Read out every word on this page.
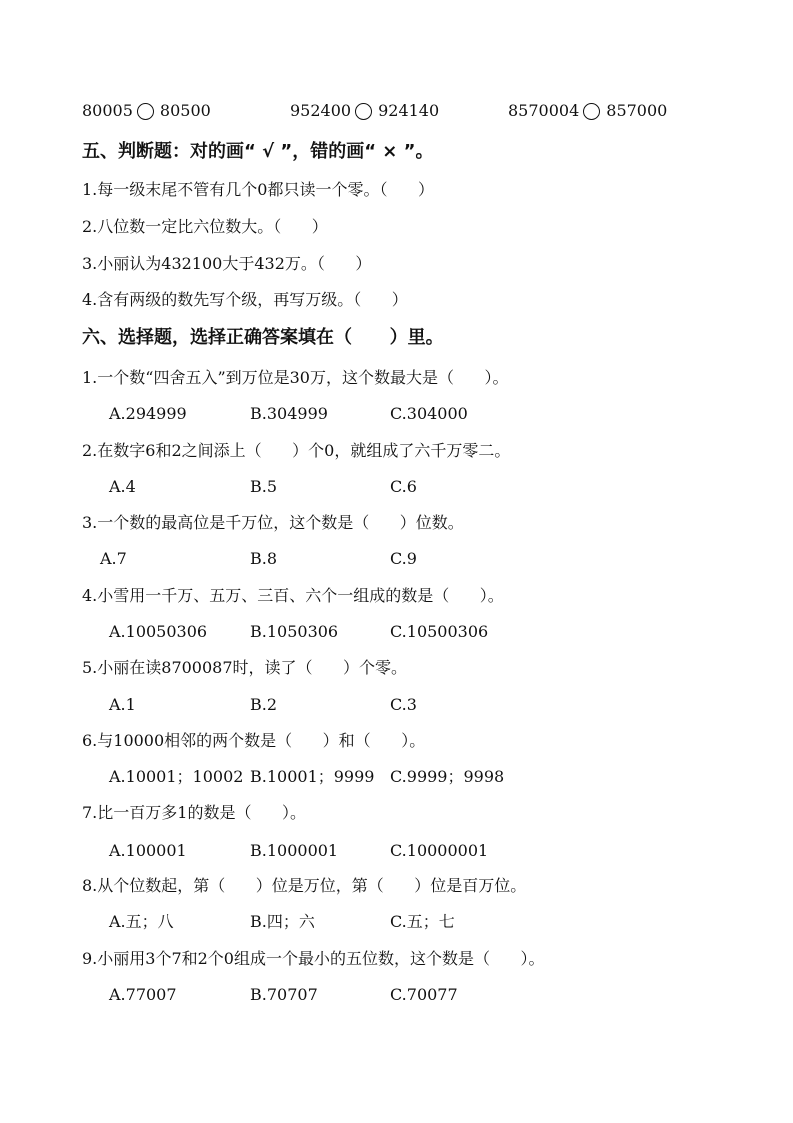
80005 80500	952400 924140	8570004 857000
五、判断题：对的画“ √ ”，错的画“ × ”。
1.每一级末尾不管有几个0都只读一个零。（      ）
2.八位数一定比六位数大。（      ）
3.小丽认为432100大于432万。（      ）
4.含有两级的数先写个级，再写万级。（      ）
六、选择题，选择正确答案填在（      ）里。
1.一个数“四舍五入”到万位是30万，这个数最大是（      ）。
A.294999	B.304999	C.304000
2.在数字6和2之间添上（      ）个0，就组成了六千万零二。
A.4	B.5	C.6
3.一个数的最高位是千万位，这个数是（      ）位数。
A.7	B.8	C.9
4.小雪用一千万、五万、三百、六个一组成的数是（      ）。
A.10050306	B.1050306	C.10500306
5.小丽在读8700087时，读了（      ）个零。
A.1	B.2	C.3
6.与10000相邻的两个数是（      ）和（      ）。
A.10001；10002 B.10001；9999 C.9999；9998
7.比一百万多1的数是（      ）。
A.100001	B.1000001	C.10000001
8.从个位数起，第（      ）位是万位，第（      ）位是百万位。
A.五；八	B.四；六	C.五；七
9.小丽用3个7和2个0组成一个最小的五位数，这个数是（      ）。
A.77007	B.70707	C.70077
